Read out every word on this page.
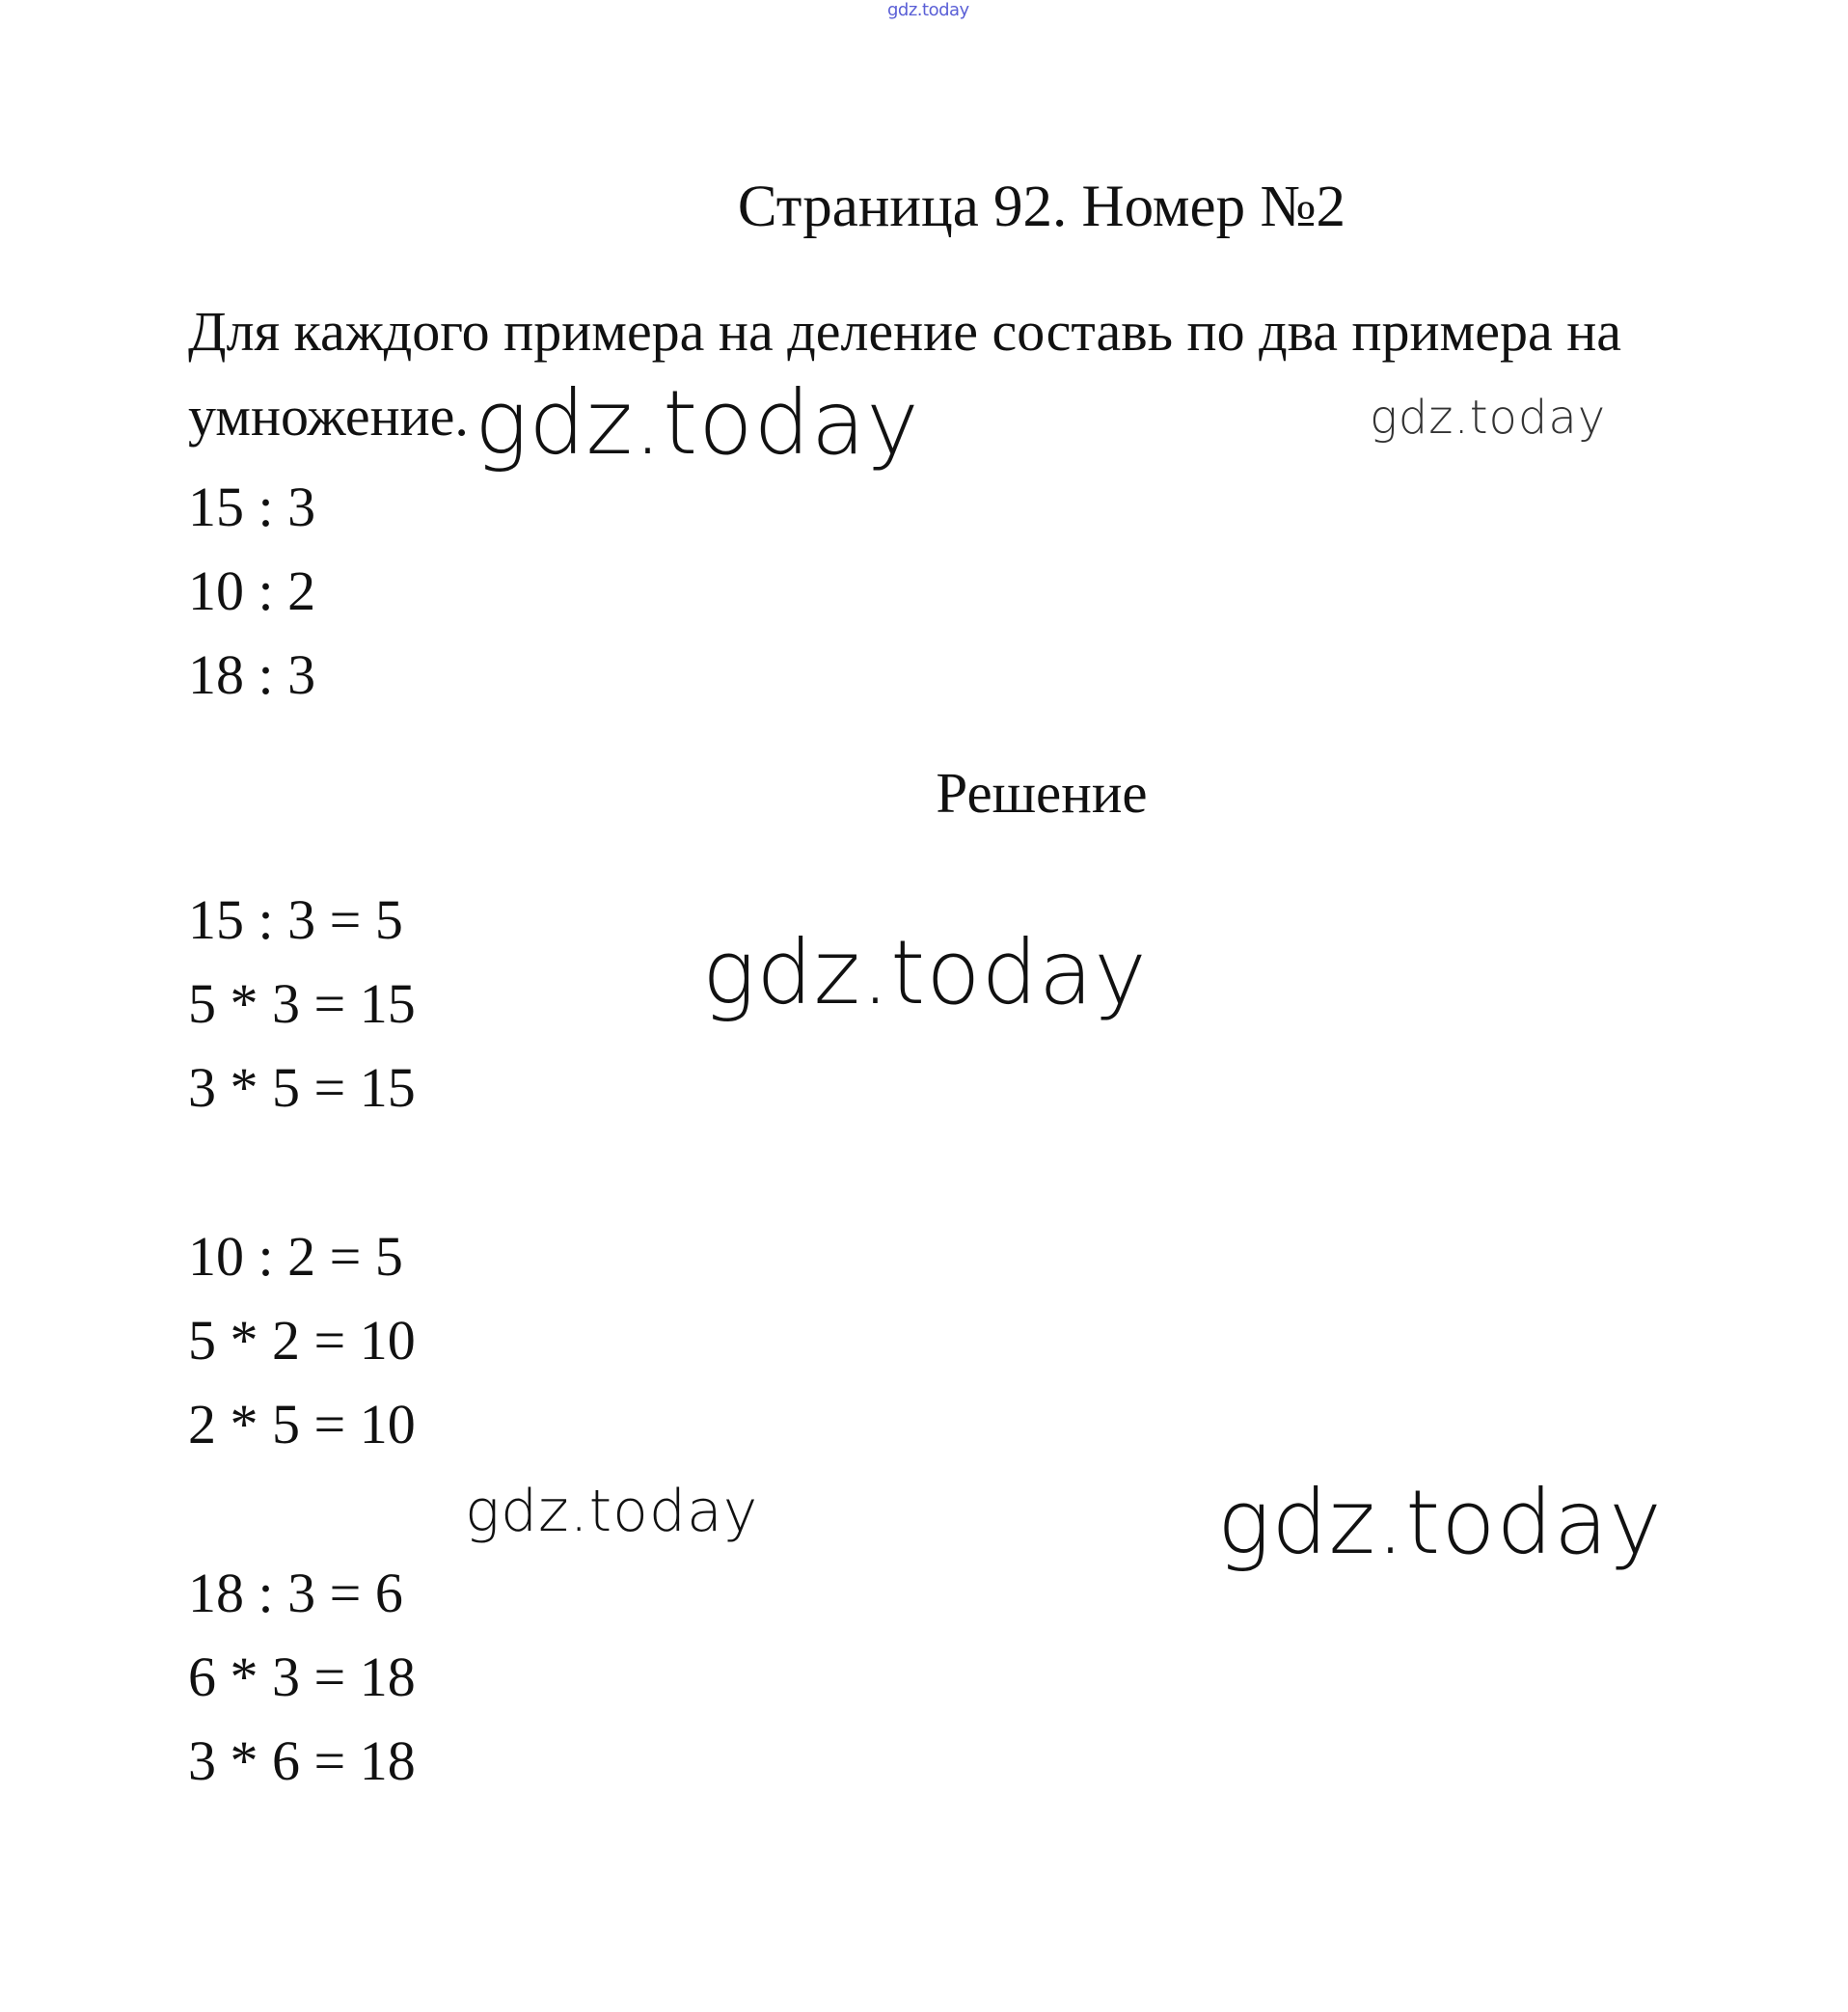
gdz.today
Страница 92. Номер №2
Для каждого примера на деление составь по два примера на умножение.
15 : 3
10 : 2
18 : 3
Решение
15 : 3 = 5
5 * 3 = 15
3 * 5 = 15
10 : 2 = 5
5 * 2 = 10
2 * 5 = 10
18 : 3 = 6
6 * 3 = 18
3 * 6 = 18
gdz.today	gdz.today
gdz.today
gdz.today	gdz.today
